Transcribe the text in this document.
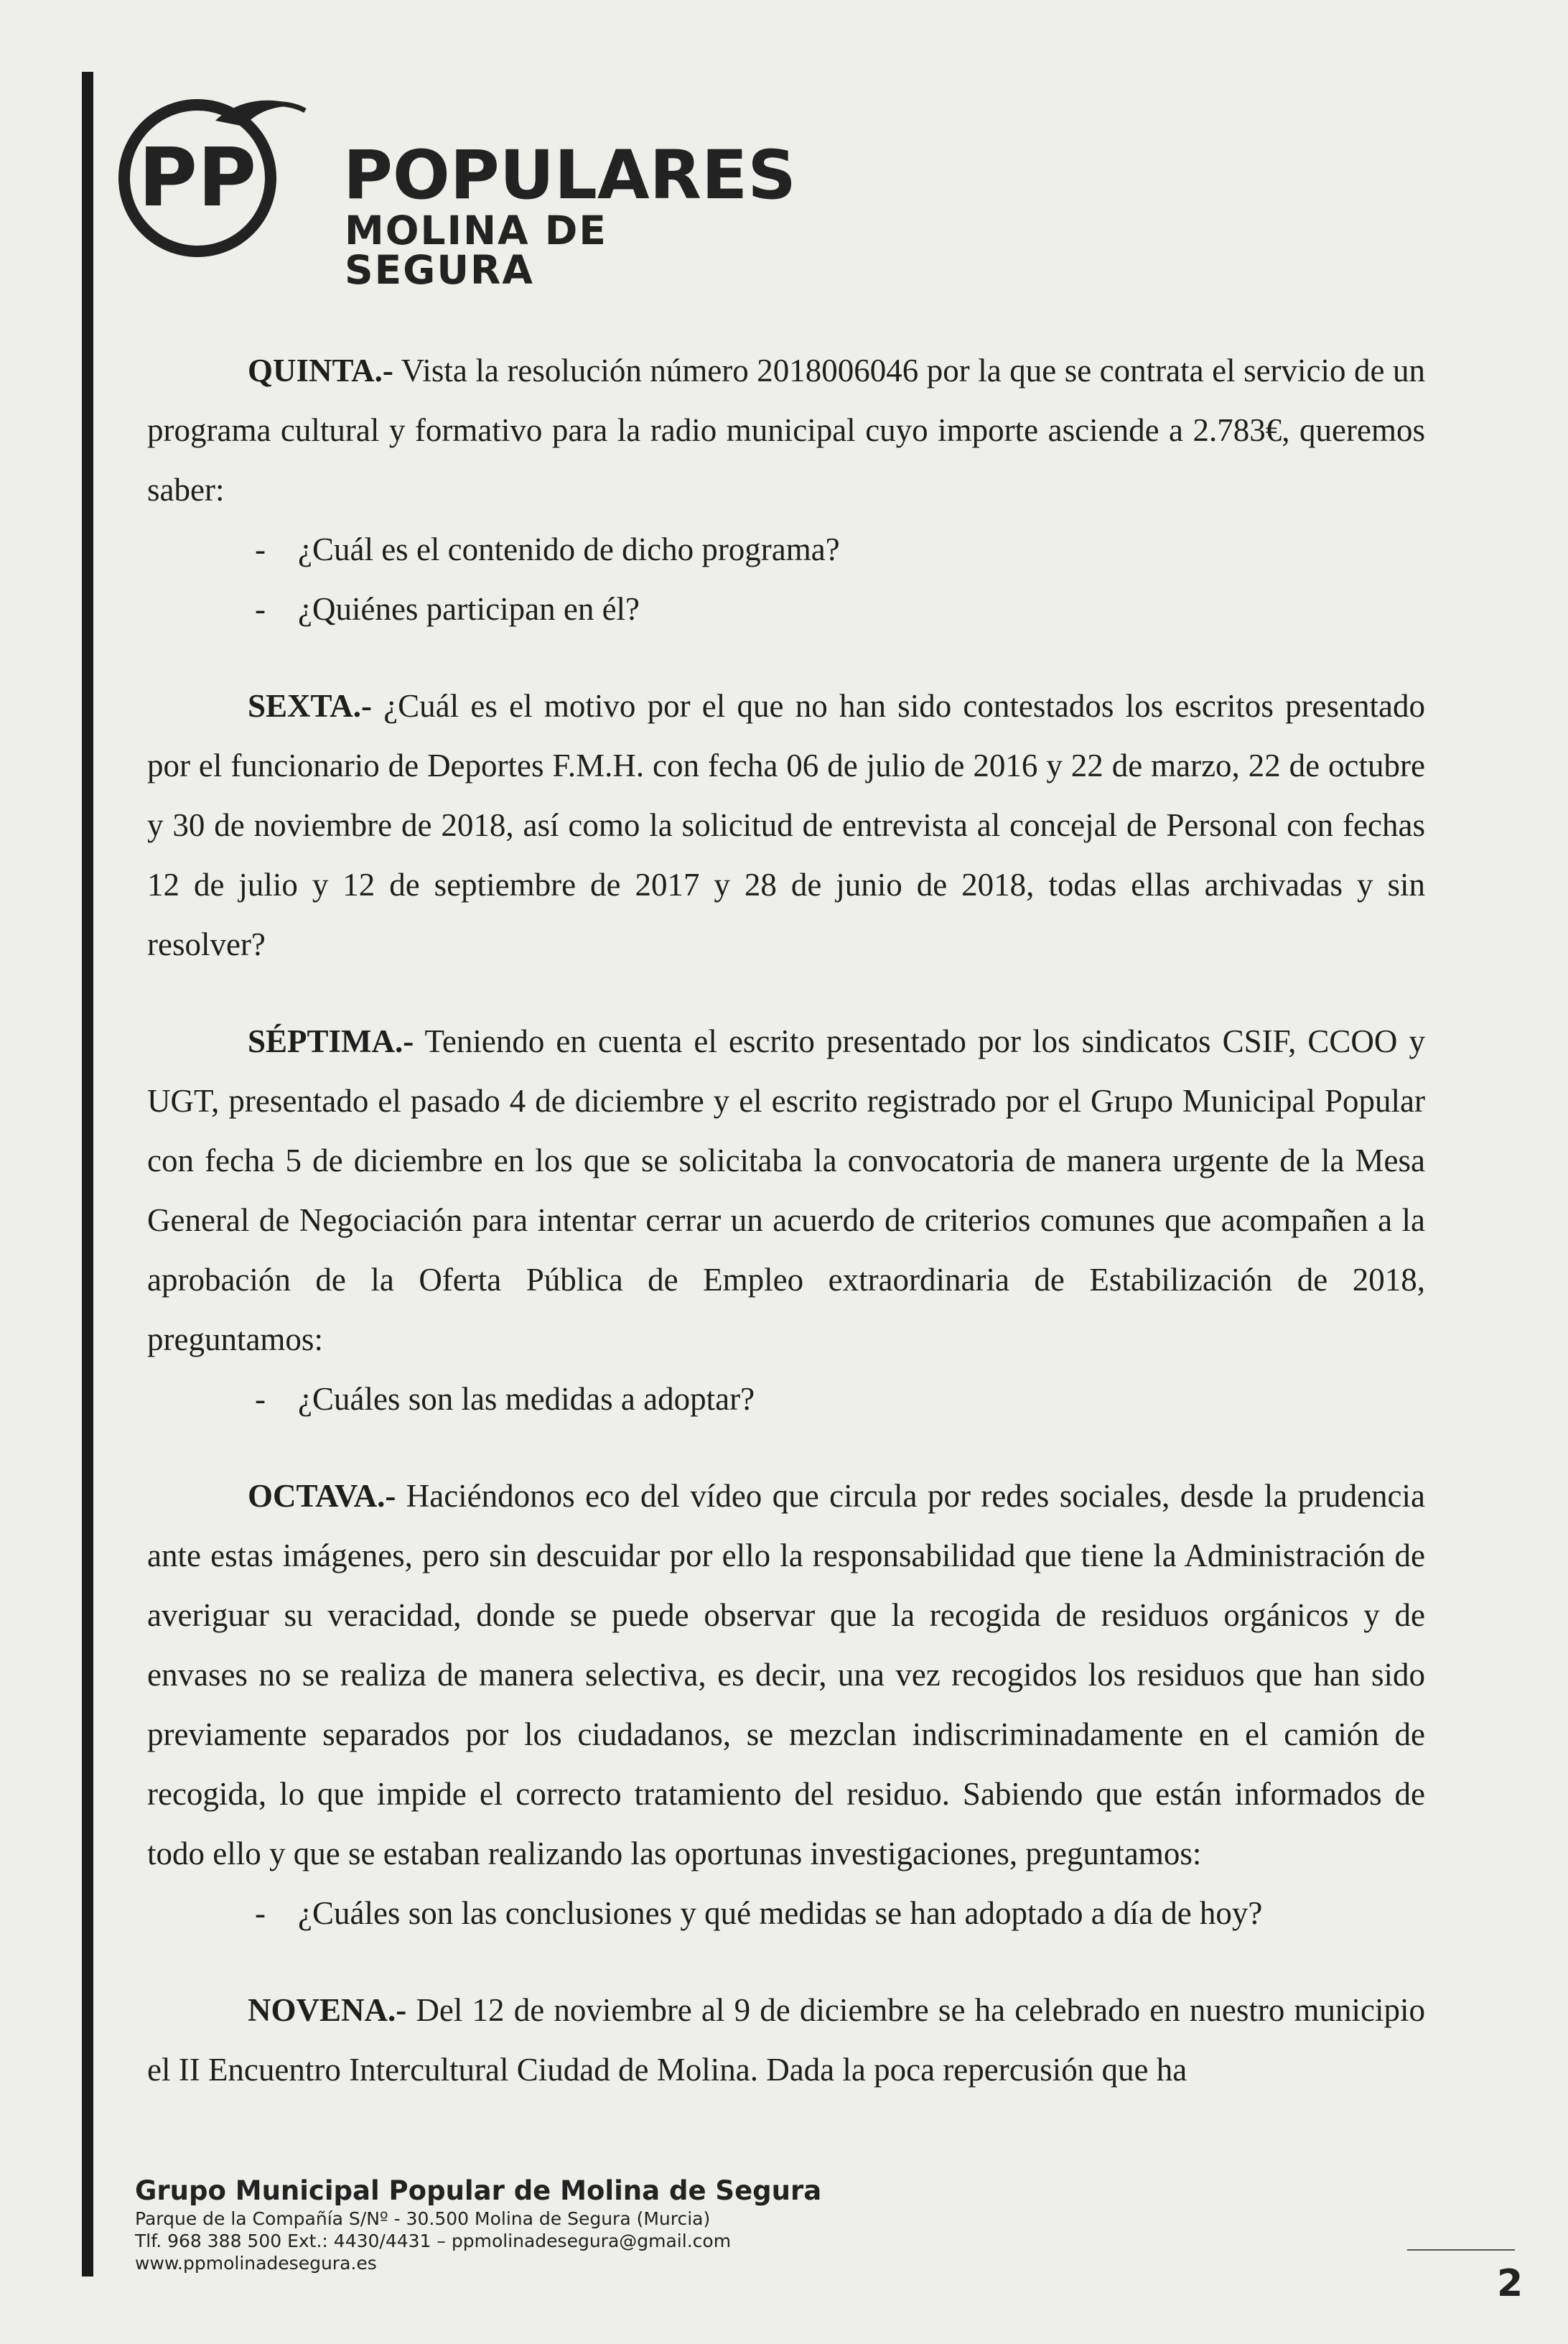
PP POPULARES
MOLINA DE SEGURA

QUINTA.- Vista la resolución número 2018006046 por la que se contrata el servicio de un programa cultural y formativo para la radio municipal cuyo importe asciende a 2.783€, queremos saber:

- ¿Cuál es el contenido de dicho programa?

- ¿Quiénes participan en él?

SEXTA.- ¿Cuál es el motivo por el que no han sido contestados los escritos presentado por el funcionario de Deportes F.M.H. con fecha 06 de julio de 2016 y 22 de marzo, 22 de octubre y 30 de noviembre de 2018, así como la solicitud de entrevista al concejal de Personal con fechas 12 de julio y 12 de septiembre de 2017 y 28 de junio de 2018, todas ellas archivadas y sin resolver?

SÉPTIMA.- Teniendo en cuenta el escrito presentado por los sindicatos CSIF, CCOO y UGT, presentado el pasado 4 de diciembre y el escrito registrado por el Grupo Municipal Popular con fecha 5 de diciembre en los que se solicitaba la convocatoria de manera urgente de la Mesa General de Negociación para intentar cerrar un acuerdo de criterios comunes que acompañen a la aprobación de la Oferta Pública de Empleo extraordinaria de Estabilización de 2018, preguntamos:

- ¿Cuáles son las medidas a adoptar?

OCTAVA.- Haciéndonos eco del vídeo que circula por redes sociales, desde la prudencia ante estas imágenes, pero sin descuidar por ello la responsabilidad que tiene la Administración de averiguar su veracidad, donde se puede observar que la recogida de residuos orgánicos y de envases no se realiza de manera selectiva, es decir, una vez recogidos los residuos que han sido previamente separados por los ciudadanos, se mezclan indiscriminadamente en el camión de recogida, lo que impide el correcto tratamiento del residuo. Sabiendo que están informados de todo ello y que se estaban realizando las oportunas investigaciones, preguntamos:

- ¿Cuáles son las conclusiones y qué medidas se han adoptado a día de hoy?

NOVENA.- Del 12 de noviembre al 9 de diciembre se ha celebrado en nuestro municipio el II Encuentro Intercultural Ciudad de Molina. Dada la poca repercusión que ha

Grupo Municipal Popular de Molina de Segura
Parque de la Compañía S/Nº - 30.500 Molina de Segura (Murcia)
Tlf. 968 388 500 Ext.: 4430/4431 – ppmolinadesegura@gmail.com
www.ppmolinadesegura.es	2
